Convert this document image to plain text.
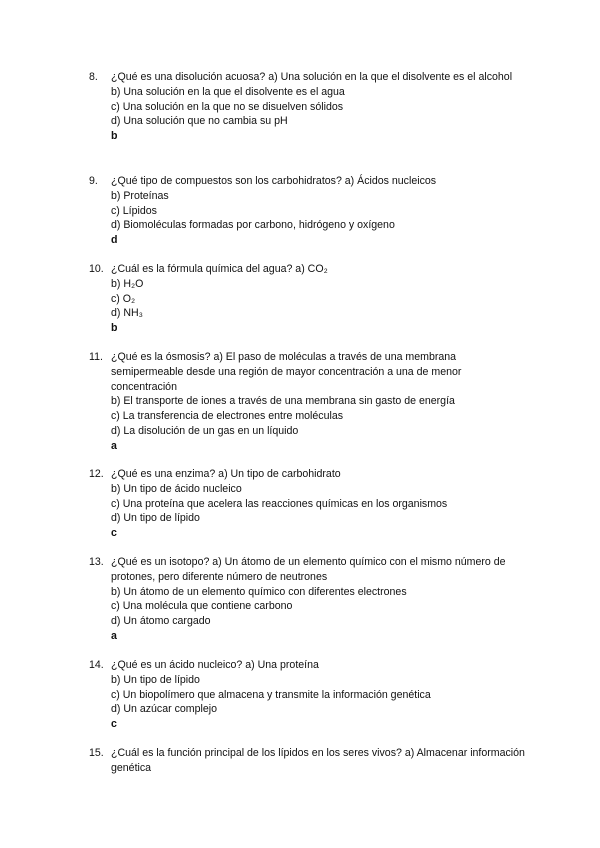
8.	¿Qué es una disolución acuosa? a) Una solución en la que el disolvente es el alcohol
b) Una solución en la que el disolvente es el agua
c) Una solución en la que no se disuelven sólidos
d) Una solución que no cambia su pH
b
9.	¿Qué tipo de compuestos son los carbohidratos? a) Ácidos nucleicos
b) Proteínas
c) Lípidos
d) Biomoléculas formadas por carbono, hidrógeno y oxígeno
d
10. ¿Cuál es la fórmula química del agua? a) CO₂
b) H₂O
c) O₂
d) NH₃
b
11. ¿Qué es la ósmosis? a) El paso de moléculas a través de una membrana semipermeable desde una región de mayor concentración a una de menor concentración
b) El transporte de iones a través de una membrana sin gasto de energía
c) La transferencia de electrones entre moléculas
d) La disolución de un gas en un líquido
a
12. ¿Qué es una enzima? a) Un tipo de carbohidrato
b) Un tipo de ácido nucleico
c) Una proteína que acelera las reacciones químicas en los organismos
d) Un tipo de lípido
c
13. ¿Qué es un isotopo? a) Un átomo de un elemento químico con el mismo número de protones, pero diferente número de neutrones
b) Un átomo de un elemento químico con diferentes electrones
c) Una molécula que contiene carbono
d) Un átomo cargado
a
14. ¿Qué es un ácido nucleico? a) Una proteína
b) Un tipo de lípido
c) Un biopolímero que almacena y transmite la información genética
d) Un azúcar complejo
c
15. ¿Cuál es la función principal de los lípidos en los seres vivos? a) Almacenar información genética
